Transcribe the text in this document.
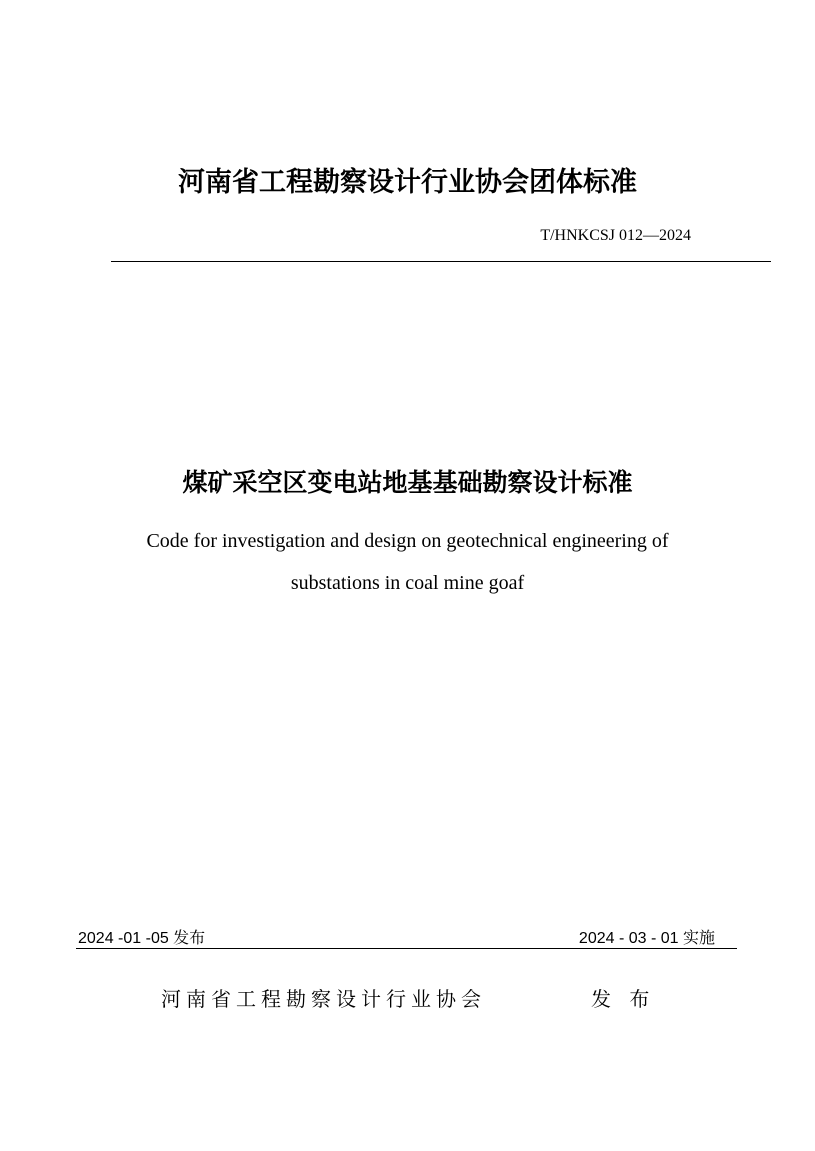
河南省工程勘察设计行业协会团体标准
T/HNKCSJ 012—2024
煤矿采空区变电站地基基础勘察设计标准
Code for investigation and design on geotechnical engineering of
substations in coal mine goaf
2024 -01 -05 发布	2024 - 03 - 01 实施
河南省工程勘察设计行业协会	发 布
